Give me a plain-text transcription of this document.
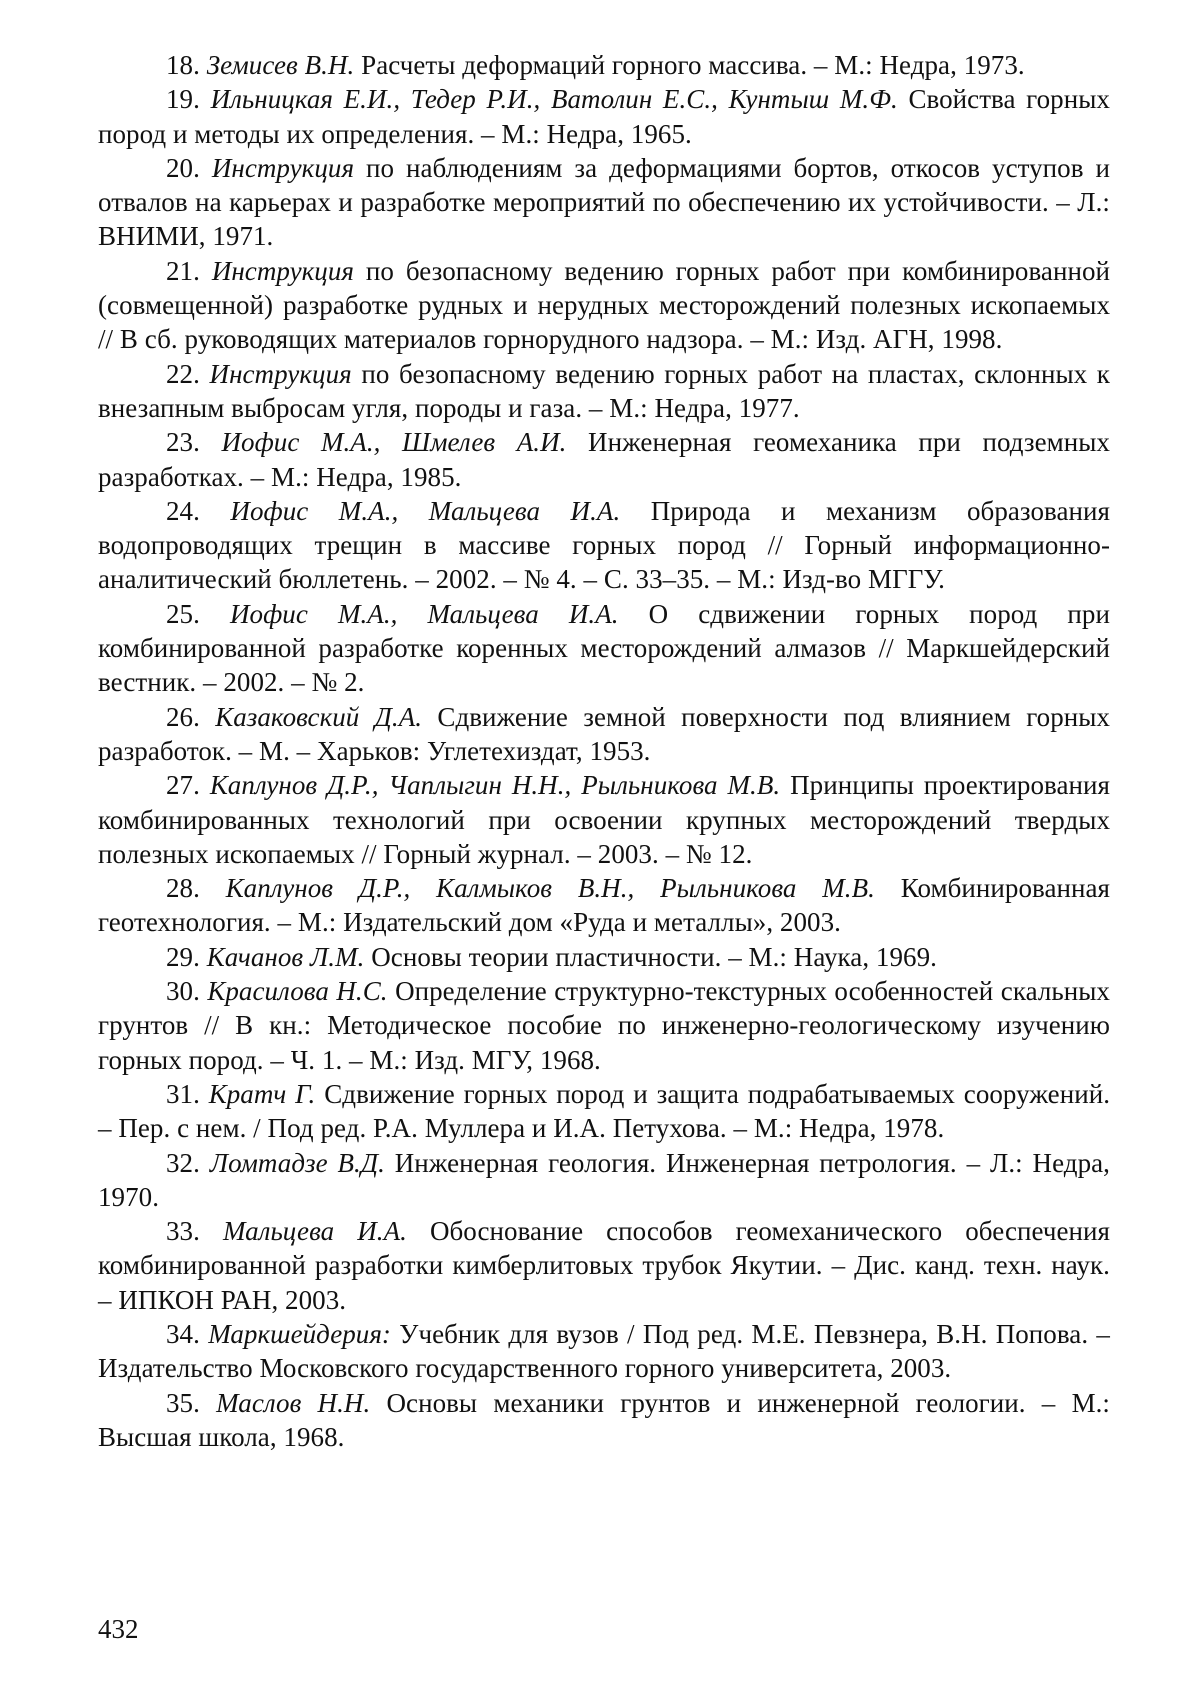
18. Земисев В.Н. Расчеты деформаций горного массива. – М.: Недра, 1973.
19. Ильницкая Е.И., Тедер Р.И., Ватолин Е.С., Кунтыш М.Ф. Свойства горных пород и методы их определения. – М.: Недра, 1965.
20. Инструкция по наблюдениям за деформациями бортов, откосов уступов и отвалов на карьерах и разработке мероприятий по обеспечению их устойчивости. – Л.: ВНИМИ, 1971.
21. Инструкция по безопасному ведению горных работ при комбинированной (совмещенной) разработке рудных и нерудных месторождений полезных ископаемых // В сб. руководящих материалов горнорудного надзора. – М.: Изд. АГН, 1998.
22. Инструкция по безопасному ведению горных работ на пластах, склонных к внезапным выбросам угля, породы и газа. – М.: Недра, 1977.
23. Иофис М.А., Шмелев А.И. Инженерная геомеханика при подземных разработках. – М.: Недра, 1985.
24. Иофис М.А., Мальцева И.А. Природа и механизм образования водопроводящих трещин в массиве горных пород // Горный информационно-аналитический бюллетень. – 2002. – № 4. – С. 33–35. – М.: Изд-во МГГУ.
25. Иофис М.А., Мальцева И.А. О сдвижении горных пород при комбинированной разработке коренных месторождений алмазов // Маркшейдерский вестник. – 2002. – № 2.
26. Казаковский Д.А. Сдвижение земной поверхности под влиянием горных разработок. – М. – Харьков: Углетехиздат, 1953.
27. Каплунов Д.Р., Чаплыгин Н.Н., Рыльникова М.В. Принципы проектирования комбинированных технологий при освоении крупных месторождений твердых полезных ископаемых // Горный журнал. – 2003. – № 12.
28. Каплунов Д.Р., Калмыков В.Н., Рыльникова М.В. Комбинированная геотехнология. – М.: Издательский дом «Руда и металлы», 2003.
29. Качанов Л.М. Основы теории пластичности. – М.: Наука, 1969.
30. Красилова Н.С. Определение структурно-текстурных особенностей скальных грунтов // В кн.: Методическое пособие по инженерно-геологическому изучению горных пород. – Ч. 1. – М.: Изд. МГУ, 1968.
31. Кратч Г. Сдвижение горных пород и защита подрабатываемых сооружений. – Пер. с нем. / Под ред. Р.А. Муллера и И.А. Петухова. – М.: Недра, 1978.
32. Ломтадзе В.Д. Инженерная геология. Инженерная петрология. – Л.: Недра, 1970.
33. Мальцева И.А. Обоснование способов геомеханического обеспечения комбинированной разработки кимберлитовых трубок Якутии. – Дис. канд. техн. наук. – ИПКОН РАН, 2003.
34. Маркшейдерия: Учебник для вузов / Под ред. М.Е. Певзнера, В.Н. Попова. – Издательство Московского государственного горного университета, 2003.
35. Маслов Н.Н. Основы механики грунтов и инженерной геологии. – М.: Высшая школа, 1968.
432
